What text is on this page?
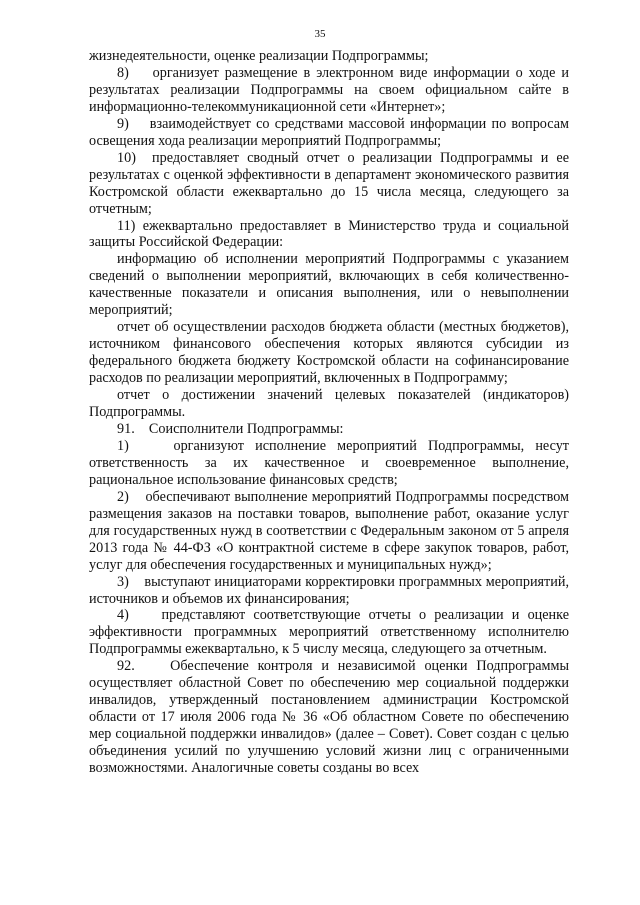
35

жизнедеятельности, оценке реализации Подпрограммы;

8)    организует размещение в электронном виде информации о ходе и результатах реализации Подпрограммы на своем официальном сайте в информационно-телекоммуникационной сети «Интернет»;

9)    взаимодействует со средствами массовой информации по вопросам освещения хода реализации мероприятий Подпрограммы;

10)  предоставляет сводный отчет о реализации Подпрограммы и ее результатах с оценкой эффективности в департамент экономического развития Костромской области ежеквартально до 15 числа месяца, следующего за отчетным;

11) ежеквартально предоставляет в Министерство труда и социальной защиты Российской Федерации:

информацию об исполнении мероприятий Подпрограммы с указанием сведений о выполнении мероприятий, включающих в себя количественно-качественные показатели и описания выполнения, или о невыполнении мероприятий;

отчет об осуществлении расходов бюджета области (местных бюджетов), источником финансового обеспечения которых являются субсидии из федерального бюджета бюджету Костромской области на софинансирование расходов по реализации мероприятий, включенных в Подпрограмму;

отчет о достижении значений целевых показателей (индикаторов) Подпрограммы.

91.    Соисполнители Подпрограммы:

1)    организуют исполнение мероприятий Подпрограммы, несут ответственность за их качественное и своевременное выполнение, рациональное использование финансовых средств;

2)    обеспечивают выполнение мероприятий Подпрограммы посредством размещения заказов на поставки товаров, выполнение работ, оказание услуг для государственных нужд в соответствии с Федеральным законом от 5 апреля 2013 года № 44-ФЗ «О контрактной системе в сфере закупок товаров, работ, услуг для обеспечения государственных и муниципальных нужд»;

3)    выступают инициаторами корректировки программных мероприятий, источников и объемов их финансирования;

4)    представляют соответствующие отчеты о реализации и оценке эффективности программных мероприятий ответственному исполнителю Подпрограммы ежеквартально, к 5 числу месяца, следующего за отчетным.

92.    Обеспечение контроля и независимой оценки Подпрограммы осуществляет областной Совет по обеспечению мер социальной поддержки инвалидов, утвержденный постановлением администрации Костромской области от 17 июля 2006 года № 36 «Об областном Совете по обеспечению мер социальной поддержки инвалидов» (далее – Совет). Совет создан с целью объединения усилий по улучшению условий жизни лиц с ограниченными возможностями. Аналогичные советы созданы во всех
